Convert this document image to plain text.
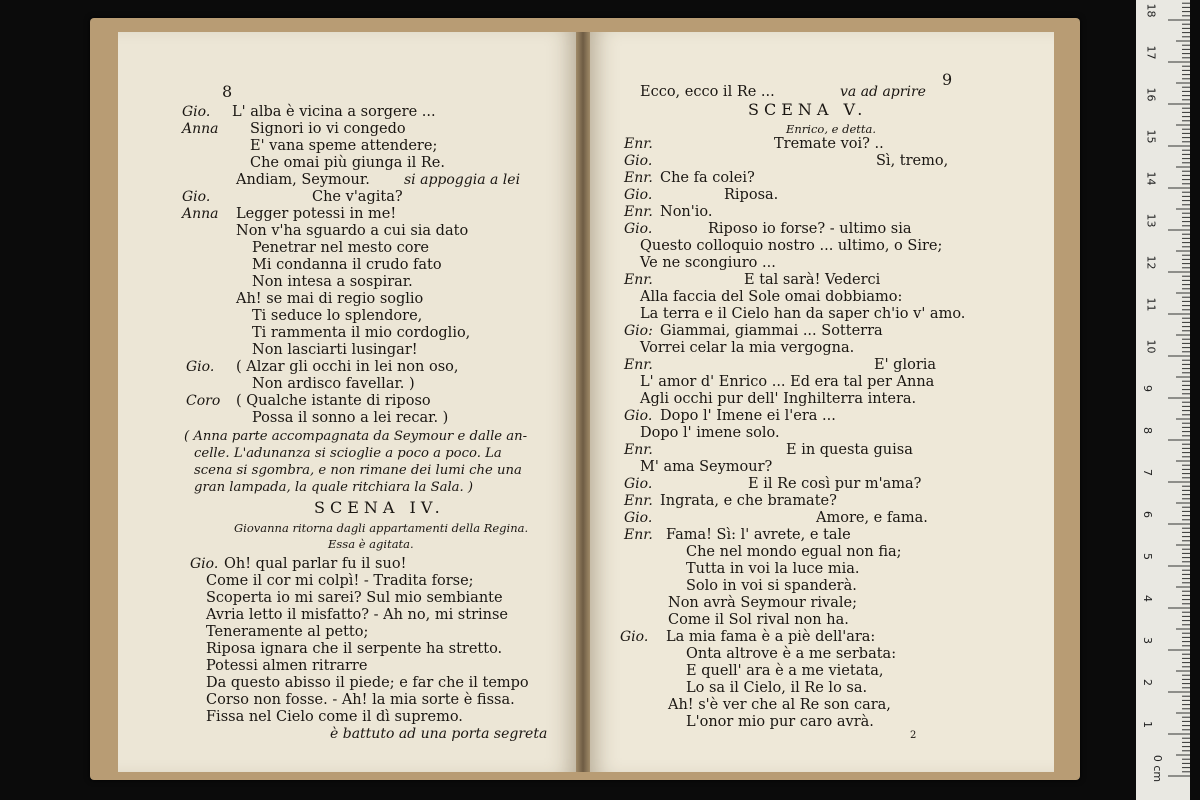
8
Gio. L' alba è vicina a sorgere ...
Anna Signori io vi congedo
E' vana speme attendere;
Che omai più giunga il Re.
Andiam, Seymour. si appoggia a lei
Gio.	Che v'agita?
Anna Legger potessi in me!
Non v'ha sguardo a cui sia dato
Penetrar nel mesto core
Mi condanna il crudo fato
Non intesa a sospirar.
Ah! se mai di regio soglio
Ti seduce lo splendore,
Ti rammenta il mio cordoglio,
Non lasciarti lusingar!
Gio. ( Alzar gli occhi in lei non oso,
Non ardisco favellar. )
Coro ( Qualche istante di riposo
Possa il sonno a lei recar. )
( Anna parte accompagnata da Seymour e dalle an-
celle. L'adunanza si scioglie a poco a poco. La
scena si sgombra, e non rimane dei lumi che una
gran lampada, la quale ritchiara la Sala. )
SCENA IV.
Giovanna ritorna dagli appartamenti della Regina.
Essa è agitata.
Gio. Oh! qual parlar fu il suo!
Come il cor mi colpì! - Tradita forse;
Scoperta io mi sarei? Sul mio sembiante
Avria letto il misfatto? - Ah no, mi strinse
Teneramente al petto;
Riposa ignara che il serpente ha stretto.
Potessi almen ritrarre
Da questo abisso il piede; e far che il tempo
Corso non fosse. - Ah! la mia sorte è fissa.
Fissa nel Cielo come il dì supremo.
è battuto ad una porta segreta
9
Ecco, ecco il Re ...	va ad aprire
SCENA V.
Enrico, e detta.
Enr.	Tremate voi? ..
Gio.	Sì, tremo,
Enr. Che fa colei?
Gio.	Riposa.
Enr. Non'io.
Gio.	Riposo io forse? - ultimo sia
Questo colloquio nostro ... ultimo, o Sire;
Ve ne scongiuro ...
Enr.	E tal sarà! Vederci
Alla faccia del Sole omai dobbiamo:
La terra e il Cielo han da saper ch'io v' amo.
Gio: Giammai, giammai ... Sotterra
Vorrei celar la mia vergogna.
Enr.	E' gloria
L' amor d' Enrico ... Ed era tal per Anna
Agli occhi pur dell' Inghilterra intera.
Gio. Dopo l' Imene ei l'era ...
Dopo l' imene solo.
Enr.	E in questa guisa
M' ama Seymour?
Gio.	E il Re così pur m'ama?
Enr. Ingrata, e che bramate?
Gio.	Amore, e fama.
Enr. Fama! Sì: l' avrete, e tale
Che nel mondo egual non fia;
Tutta in voi la luce mia.
Solo in voi si spanderà.
Non avrà Seymour rivale;
Come il Sol rival non ha.
Gio. La mia fama è a piè dell'ara:
Onta altrove è a me serbata:
E quell' ara è a me vietata,
Lo sa il Cielo, il Re lo sa.
Ah! s'è ver che al Re son cara,
L'onor mio pur caro avrà.
2
18
17
16
15
14
13
12
11
10
9
8
7
6
5
4
3
2
1
0 cm
